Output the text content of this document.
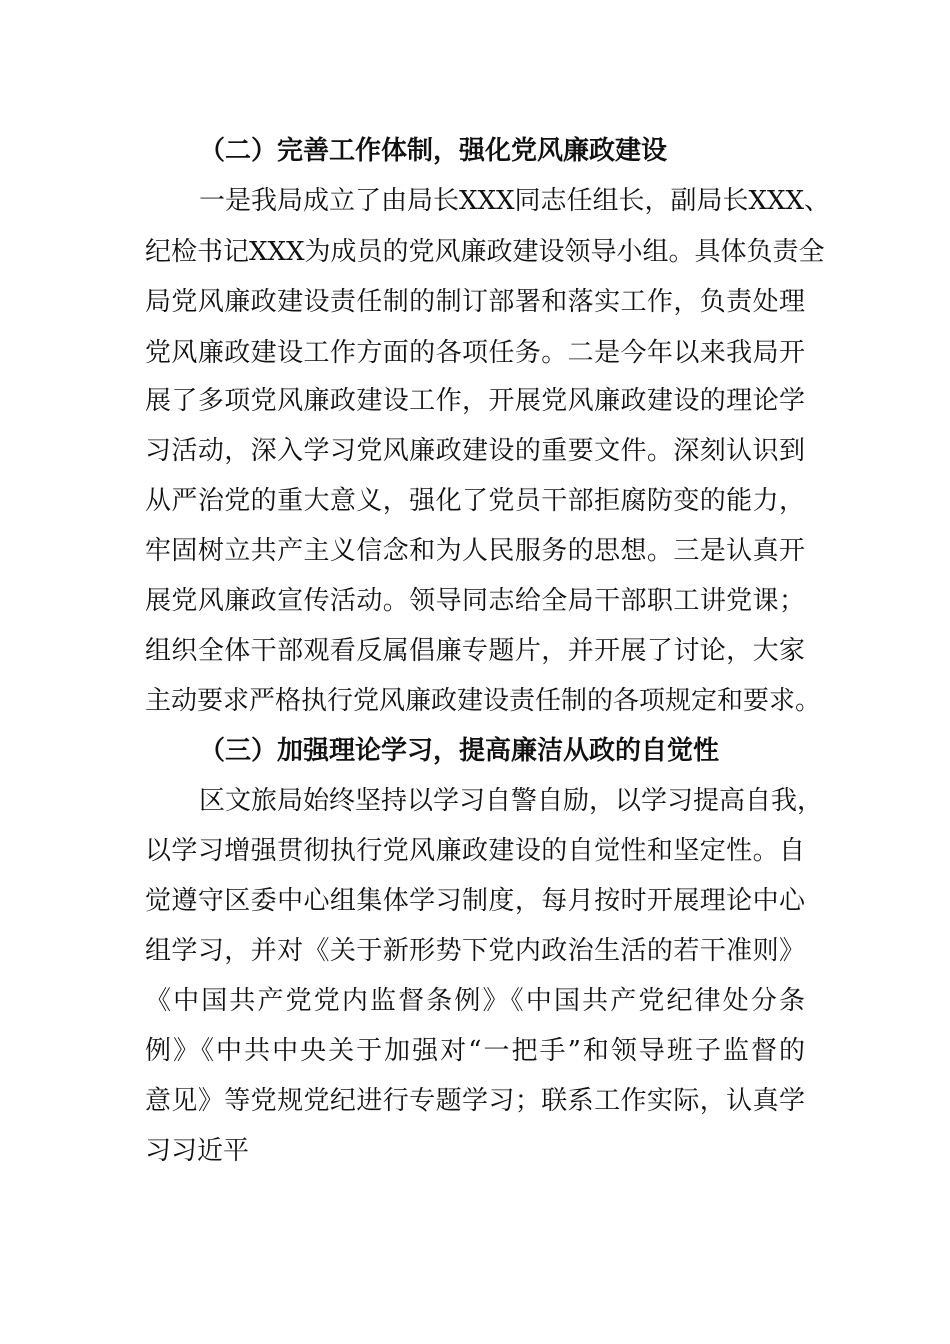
（二）完善工作体制，强化党风廉政建设
一是我局成立了由局长XXX同志任组长，副局长XXX、
纪检书记XXX为成员的党风廉政建设领导小组。具体负责全
局党风廉政建设责任制的制订部署和落实工作，负责处理
党风廉政建设工作方面的各项任务。二是今年以来我局开
展了多项党风廉政建设工作，开展党风廉政建设的理论学
习活动，深入学习党风廉政建设的重要文件。深刻认识到
从严治党的重大意义，强化了党员干部拒腐防变的能力，
牢固树立共产主义信念和为人民服务的思想。三是认真开
展党风廉政宣传活动。领导同志给全局干部职工讲党课；
组织全体干部观看反属倡廉专题片，并开展了讨论，大家
主动要求严格执行党风廉政建设责任制的各项规定和要求。
（三）加强理论学习，提高廉洁从政的自觉性
区文旅局始终坚持以学习自警自励，以学习提高自我，
以学习增强贯彻执行党风廉政建设的自觉性和坚定性。自
觉遵守区委中心组集体学习制度，每月按时开展理论中心
组学习，并对《关于新形势下党内政治生活的若干准则》
《中国共产党党内监督条例》《中国共产党纪律处分条
例》《中共中央关于加强对“一把手”和领导班子监督的
意见》等党规党纪进行专题学习；联系工作实际，认真学
习习近平
